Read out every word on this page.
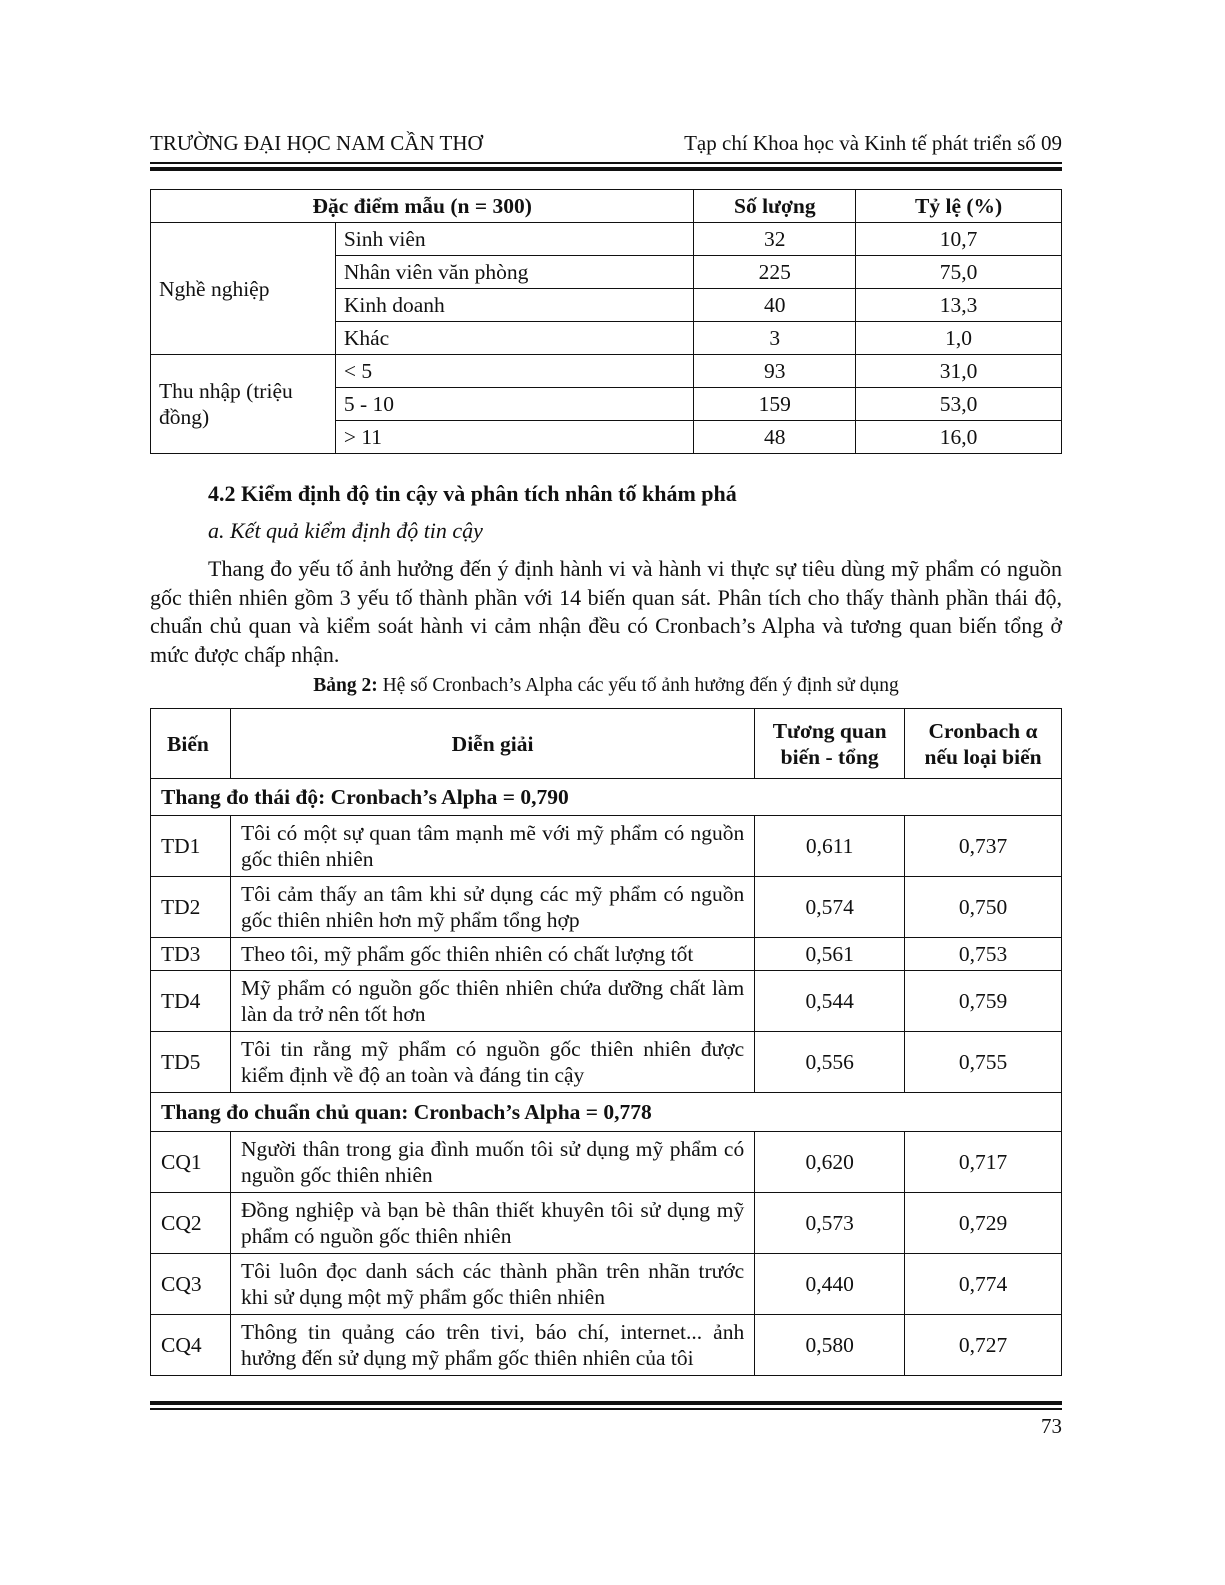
TRƯỜNG ĐẠI HỌC NAM CẦN THƠ	Tạp chí Khoa học và Kinh tế phát triển số 09
Đặc điểm mẫu (n = 300)		Số lượng	Tỷ lệ (%)
Nghề nghiệp	Sinh viên	32	10,7
	Nhân viên văn phòng	225	75,0
	Kinh doanh	40	13,3
	Khác	3	1,0
Thu nhập (triệu đồng)	< 5	93	31,0
	5 - 10	159	53,0
	> 11	48	16,0
4.2 Kiểm định độ tin cậy và phân tích nhân tố khám phá
a. Kết quả kiểm định độ tin cậy

Thang đo yếu tố ảnh hưởng đến ý định hành vi và hành vi thực sự tiêu dùng mỹ phẩm có nguồn gốc thiên nhiên gồm 3 yếu tố thành phần với 14 biến quan sát. Phân tích cho thấy thành phần thái độ, chuẩn chủ quan và kiểm soát hành vi cảm nhận đều có Cronbach’s Alpha và tương quan biến tổng ở mức được chấp nhận.

Bảng 2: Hệ số Cronbach’s Alpha các yếu tố ảnh hưởng đến ý định sử dụng
Biến	Diễn giải	Tương quan biến - tổng	Cronbach α nếu loại biến
Thang đo thái độ: Cronbach’s Alpha = 0,790			
TD1	Tôi có một sự quan tâm mạnh mẽ với mỹ phẩm có nguồn gốc thiên nhiên	0,611	0,737
TD2	Tôi cảm thấy an tâm khi sử dụng các mỹ phẩm có nguồn gốc thiên nhiên hơn mỹ phẩm tổng hợp	0,574	0,750
TD3	Theo tôi, mỹ phẩm gốc thiên nhiên có chất lượng tốt	0,561	0,753
TD4	Mỹ phẩm có nguồn gốc thiên nhiên chứa dưỡng chất làm làn da trở nên tốt hơn	0,544	0,759
TD5	Tôi tin rằng mỹ phẩm có nguồn gốc thiên nhiên được kiểm định về độ an toàn và đáng tin cậy	0,556	0,755
Thang đo chuẩn chủ quan: Cronbach’s Alpha = 0,778			
CQ1	Người thân trong gia đình muốn tôi sử dụng mỹ phẩm có nguồn gốc thiên nhiên	0,620	0,717
CQ2	Đồng nghiệp và bạn bè thân thiết khuyên tôi sử dụng mỹ phẩm có nguồn gốc thiên nhiên	0,573	0,729
CQ3	Tôi luôn đọc danh sách các thành phần trên nhãn trước khi sử dụng một mỹ phẩm gốc thiên nhiên	0,440	0,774
CQ4	Thông tin quảng cáo trên tivi, báo chí, internet... ảnh hưởng đến sử dụng mỹ phẩm gốc thiên nhiên của tôi	0,580	0,727
73
